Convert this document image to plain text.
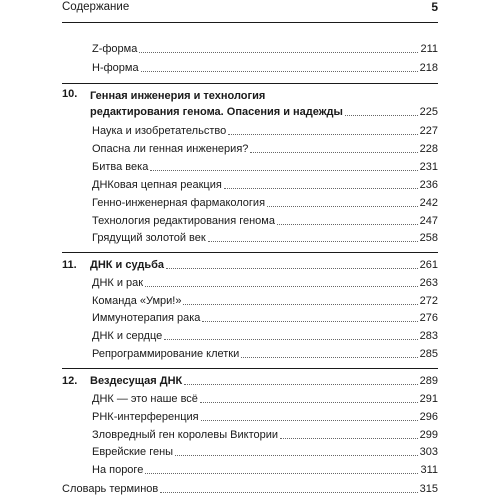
Содержание	5
Z-форма	211
H-форма	218
10. Генная инженерия и технология
редактирования генома. Опасения и надежды	225
Наука и изобретательство	227
Опасна ли генная инженерия?	228
Битва века	231
ДНКовая цепная реакция	236
Генно-инженерная фармакология	242
Технология редактирования генома	247
Грядущий золотой век	258
11.	ДНК и судьба	261
ДНК и рак	263
Команда «Умри!»	272
Иммунотерапия рака	276
ДНК и сердце	283
Репрограммирование клетки	285
12.	Вездесущая ДНК	289
ДНК — это наше всё	291
РНК-интерференция	296
Зловредный ген королевы Виктории	299
Еврейские гены	303
На пороге	311
Словарь терминов	315
